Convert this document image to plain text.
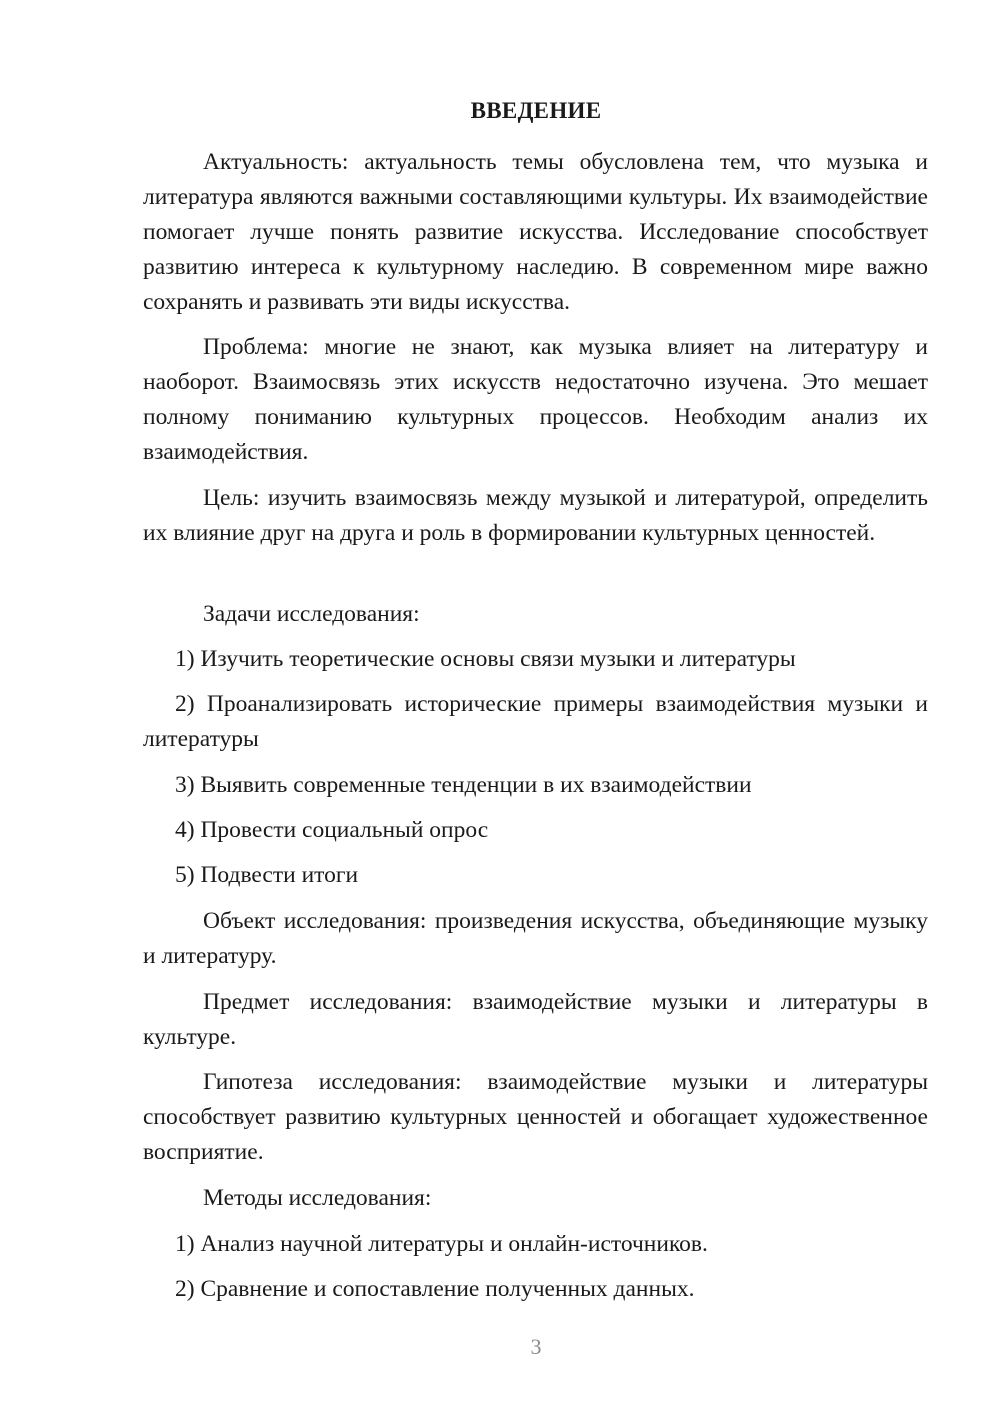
ВВЕДЕНИЕ

Актуальность: актуальность темы обусловлена тем, что музыка и литература являются важными составляющими культуры. Их взаимодействие помогает лучше понять развитие искусства. Исследование способствует развитию интереса к культурному наследию. В современном мире важно сохранять и развивать эти виды искусства.

Проблема: многие не знают, как музыка влияет на литературу и наоборот. Взаимосвязь этих искусств недостаточно изучена. Это мешает полному пониманию культурных процессов. Необходим анализ их взаимодействия.

Цель: изучить взаимосвязь между музыкой и литературой, определить их влияние друг на друга и роль в формировании культурных ценностей.

Задачи исследования:

1) Изучить теоретические основы связи музыки и литературы

2) Проанализировать исторические примеры взаимодействия музыки и литературы

3) Выявить современные тенденции в их взаимодействии

4) Провести социальный опрос

5) Подвести итоги

Объект исследования: произведения искусства, объединяющие музыку и литературу.

Предмет исследования: взаимодействие музыки и литературы в культуре.

Гипотеза исследования: взаимодействие музыки и литературы способствует развитию культурных ценностей и обогащает художественное восприятие.

Методы исследования:

1) Анализ научной литературы и онлайн-источников.

2) Сравнение и сопоставление полученных данных.

3
